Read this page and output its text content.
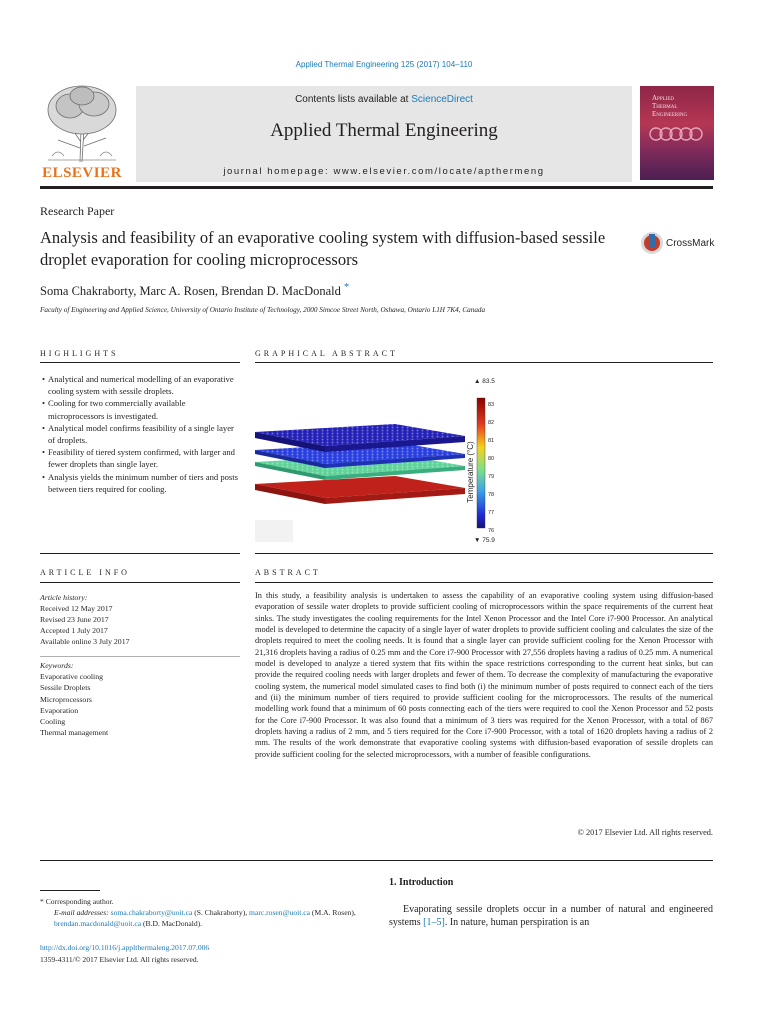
Applied Thermal Engineering 125 (2017) 104–110
ELSEVIER
Contents lists available at ScienceDirect
Applied Thermal Engineering
journal homepage: www.elsevier.com/locate/apthermeng
Applied
Thermal
Engineering
Research Paper
Analysis and feasibility of an evaporative cooling system with diffusion-based sessile droplet evaporation for cooling microprocessors
CrossMark
Soma Chakraborty, Marc A. Rosen, Brendan D. MacDonald *
Faculty of Engineering and Applied Science, University of Ontario Institute of Technology, 2000 Simcoe Street North, Oshawa, Ontario L1H 7K4, Canada
HIGHLIGHTS	GRAPHICAL ABSTRACT
• Analytical and numerical modelling of an evaporative cooling system with sessile droplets.
• Cooling for two commercially available microprocessors is investigated.
• Analytical model confirms feasibility of a single layer of droplets.
• Feasibility of tiered system confirmed, with larger and fewer droplets than single layer.
• Analysis yields the minimum number of tiers and posts between tiers required for cooling.	Temperature (°C)
83
82
81
80
79
78
77
76
▲ 83.5
▼ 75.9
ARTICLE INFO	ABSTRACT
Article history:
Received 12 May 2017
Revised 23 June 2017
Accepted 1 July 2017
Available online 3 July 2017
Keywords:
Evaporative cooling
Sessile Droplets
Microprocessors
Evaporation
Cooling
Thermal management
In this study, a feasibility analysis is undertaken to assess the capability of an evaporative cooling system using diffusion-based evaporation of sessile water droplets to provide sufficient cooling of microprocessors within the space requirements of the current heat sinks. The study investigates the cooling requirements for the Intel Xenon Processor and the Intel Core i7-900 Processor. An analytical model is developed to determine the capacity of a single layer of water droplets to provide sufficient cooling and calculates the size of the droplets required to meet the cooling needs. It is found that a single layer can provide sufficient cooling for the Xenon Processor with 21,316 droplets having a radius of 0.25 mm and the Core i7-900 Processor with 27,556 droplets having a radius of 0.25 mm. A numerical model is developed to analyze a tiered system that fits within the space restrictions corresponding to the current heat sinks, but can provide the required cooling needs with larger droplets and fewer of them. To decrease the complexity of manufacturing the evaporative cooling system, the numerical model simulated cases to find both (i) the minimum number of posts required to connect each of the tiers and (ii) the minimum number of tiers required to provide sufficient cooling for the microprocessors. The results of the numerical modelling work found that a minimum of 60 posts connecting each of the tiers were required to cool the Xenon Processor and 52 posts for the Core i7-900 Processor. It was also found that a minimum of 3 tiers was required for the Xenon Processor, with a total of 867 droplets having a radius of 2 mm, and 5 tiers required for the Core i7-900 Processor, with a total of 1620 droplets having a radius of 2 mm. The results of the work demonstrate that evaporative cooling systems with diffusion-based evaporation of sessile droplets can provide sufficient cooling for the selected microprocessors, with a number of feasible configurations.
© 2017 Elsevier Ltd. All rights reserved.
1. Introduction
Evaporating sessile droplets occur in a number of natural and engineered systems [1–5]. In nature, human perspiration is an
* Corresponding author.
E-mail addresses: soma.chakraborty@uoit.ca (S. Chakraborty), marc.rosen@uoit.ca (M.A. Rosen), brendan.macdonald@uoit.ca (B.D. MacDonald).
http://dx.doi.org/10.1016/j.applthermaleng.2017.07.006
1359-4311/© 2017 Elsevier Ltd. All rights reserved.
